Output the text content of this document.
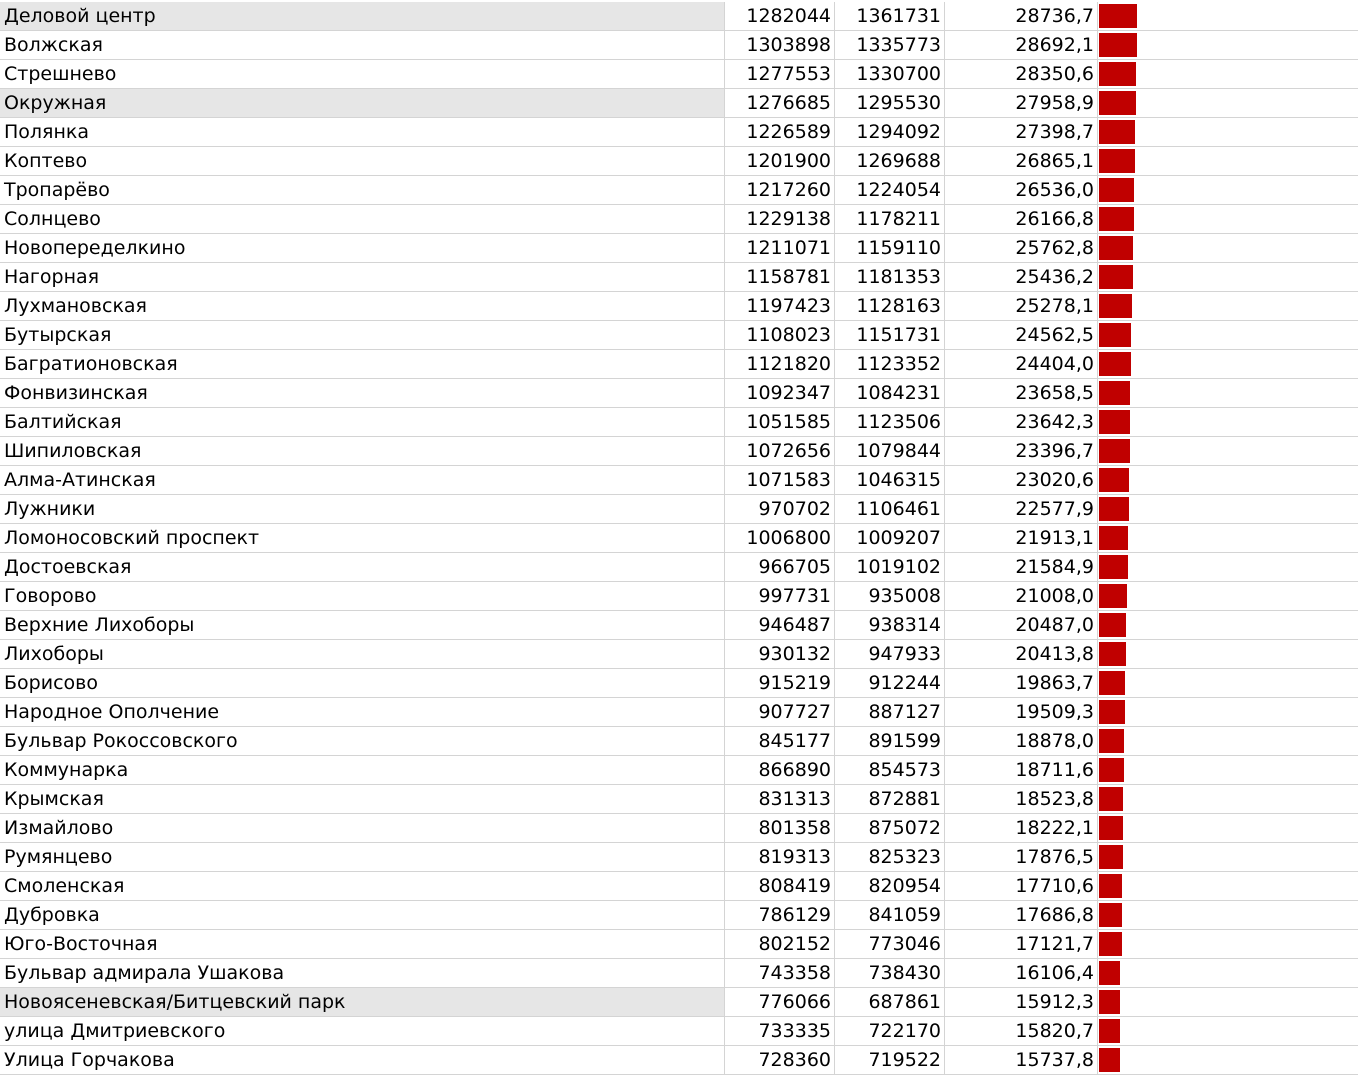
Деловой центр	1282044	1361731	28736,7
Волжская	1303898	1335773	28692,1
Стрешнево	1277553	1330700	28350,6
Окружная	1276685	1295530	27958,9
Полянка	1226589	1294092	27398,7
Коптево	1201900	1269688	26865,1
Тропарёво	1217260	1224054	26536,0
Солнцево	1229138	1178211	26166,8
Новопеределкино	1211071	1159110	25762,8
Нагорная	1158781	1181353	25436,2
Лухмановская	1197423	1128163	25278,1
Бутырская	1108023	1151731	24562,5
Багратионовская	1121820	1123352	24404,0
Фонвизинская	1092347	1084231	23658,5
Балтийская	1051585	1123506	23642,3
Шипиловская	1072656	1079844	23396,7
Алма-Атинская	1071583	1046315	23020,6
Лужники	970702	1106461	22577,9
Ломоносовский проспект	1006800	1009207	21913,1
Достоевская	966705	1019102	21584,9
Говорово	997731	935008	21008,0
Верхние Лихоборы	946487	938314	20487,0
Лихоборы	930132	947933	20413,8
Борисово	915219	912244	19863,7
Народное Ополчение	907727	887127	19509,3
Бульвар Рокоссовского	845177	891599	18878,0
Коммунарка	866890	854573	18711,6
Крымская	831313	872881	18523,8
Измайлово	801358	875072	18222,1
Румянцево	819313	825323	17876,5
Смоленская	808419	820954	17710,6
Дубровка	786129	841059	17686,8
Юго-Восточная	802152	773046	17121,7
Бульвар адмирала Ушакова	743358	738430	16106,4
Новоясеневская/Битцевский парк	776066	687861	15912,3
улица Дмитриевского	733335	722170	15820,7
Улица Горчакова	728360	719522	15737,8
